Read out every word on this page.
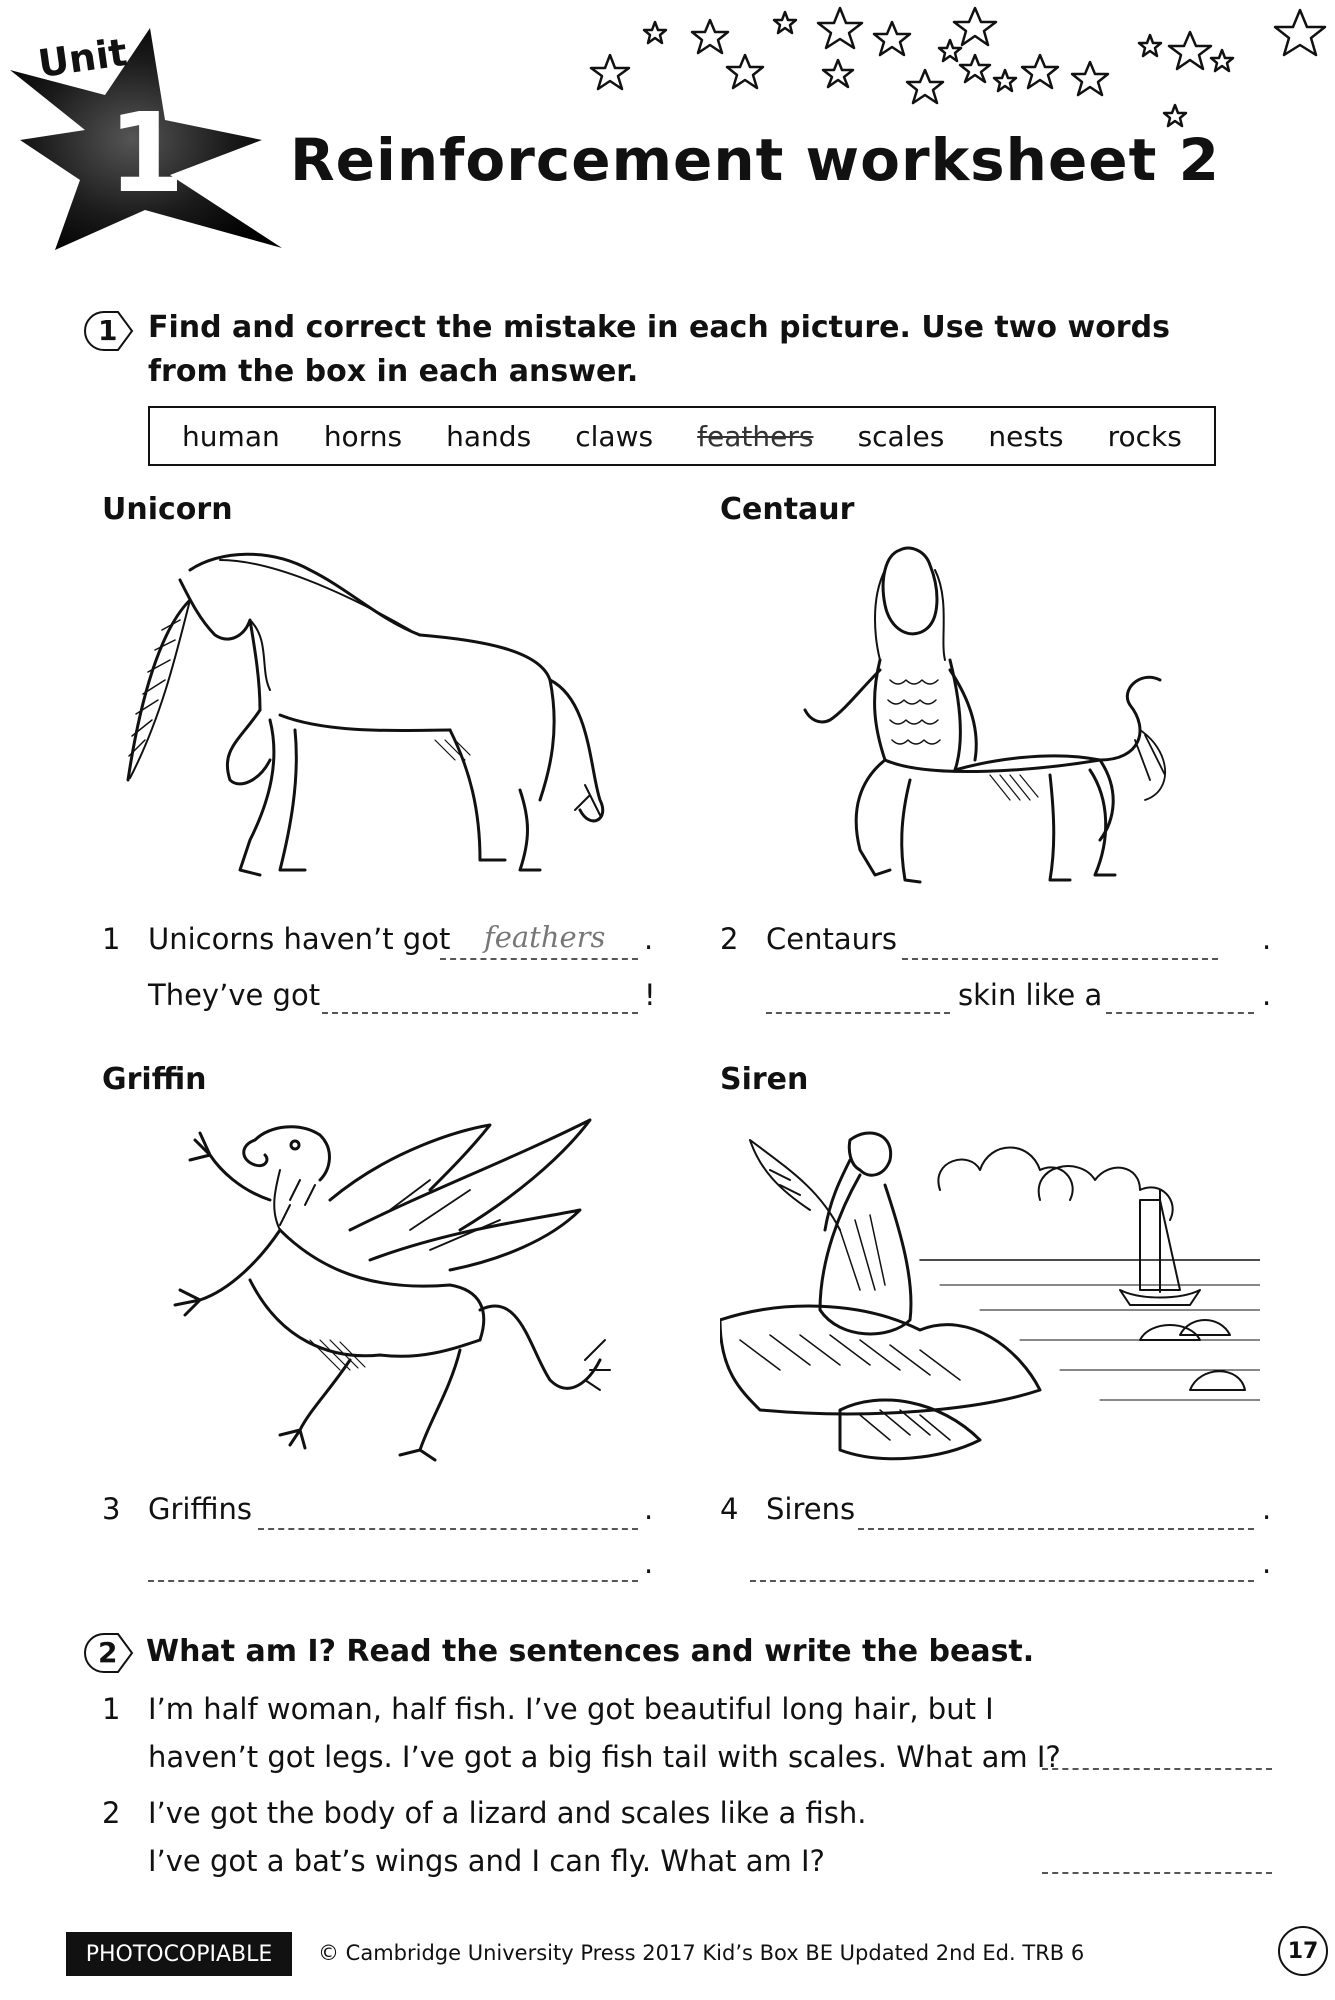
Unit
1 Reinforcement worksheet 2
1 Find and correct the mistake in each picture. Use two words
from the box in each answer.
human horns hands claws feathers scales nests rocks
Unicorn
1 Unicorns haven’t got feathers .
They’ve got	!
Centaur
2 Centaurs	.
skin like a	.
Griffin
3 Griffins	.
.
Siren
4 Sirens	.
.
2 What am I? Read the sentences and write the beast.
1 I’m half woman, half fish. I’ve got beautiful long hair, but I
haven’t got legs. I’ve got a big fish tail with scales. What am I?
2 I’ve got the body of a lizard and scales like a fish.
I’ve got a bat’s wings and I can fly. What am I?
PHOTOCOPIABLE	© Cambridge University Press 2017 Kid’s Box BE Updated 2nd Ed. TRB 6	17
